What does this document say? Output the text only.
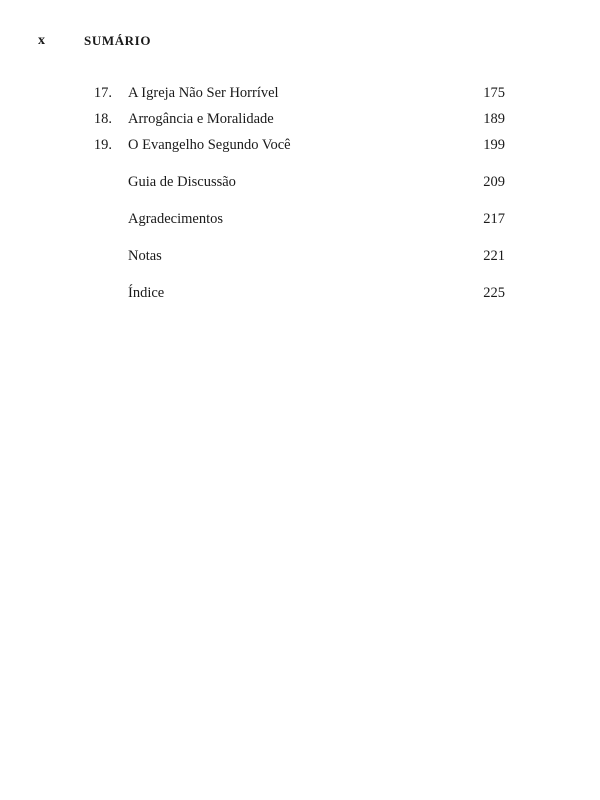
x	SUMÁRIO
17. A Igreja Não Ser Horrível	175
18. Arrogância e Moralidade	189
19. O Evangelho Segundo Você	199
Guia de Discussão	209
Agradecimentos	217
Notas	221
Índice	225
